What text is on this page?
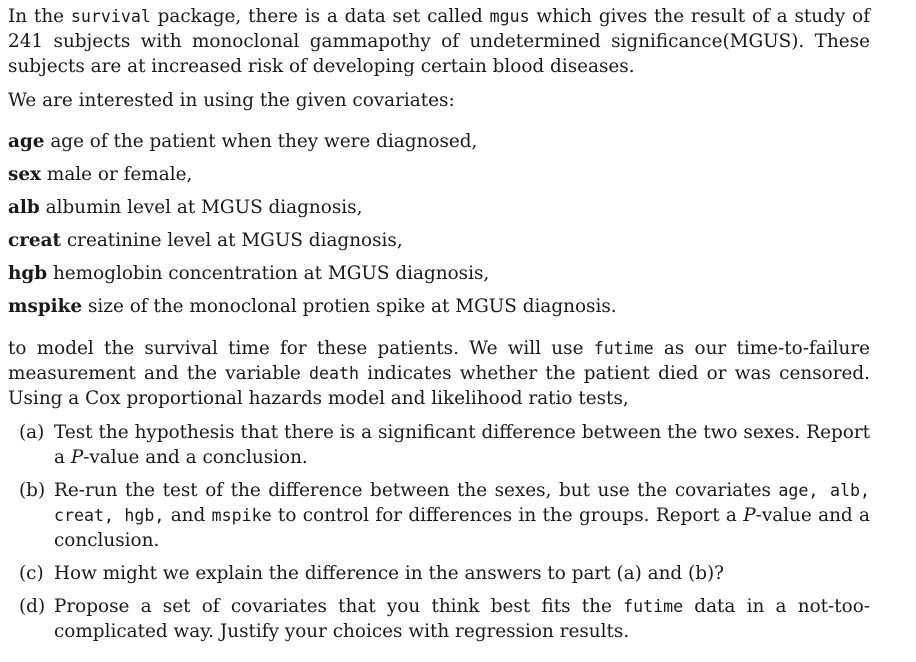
In the survival package, there is a data set called mgus which gives the result of a study of 241 subjects with monoclonal gammapothy of undetermined significance(MGUS). These subjects are at increased risk of developing certain blood diseases.

We are interested in using the given covariates:

age age of the patient when they were diagnosed,

sex male or female,

alb albumin level at MGUS diagnosis,

creat creatinine level at MGUS diagnosis,

hgb hemoglobin concentration at MGUS diagnosis,

mspike size of the monoclonal protien spike at MGUS diagnosis.

to model the survival time for these patients. We will use futime as our time-to-failure measurement and the variable death indicates whether the patient died or was censored. Using a Cox proportional hazards model and likelihood ratio tests,

(a) Test the hypothesis that there is a significant difference between the two sexes. Report a P-value and a conclusion.
(b) Re-run the test of the difference between the sexes, but use the covariates age, alb, creat, hgb, and mspike to control for differences in the groups. Report a P-value and a conclusion.
(c) How might we explain the difference in the answers to part (a) and (b)?
(d) Propose a set of covariates that you think best fits the futime data in a not-too-complicated way. Justify your choices with regression results.
